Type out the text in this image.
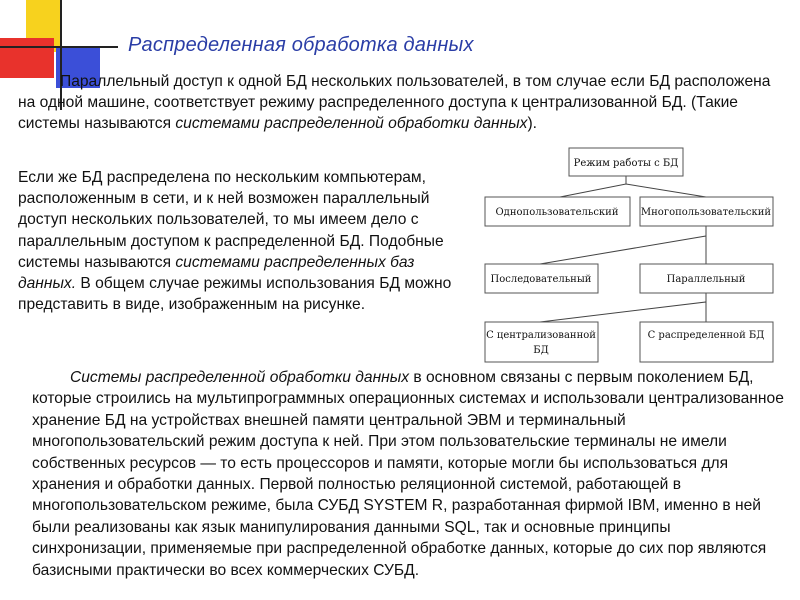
Распределенная обработка данных

Параллельный доступ к одной БД нескольких пользователей, в том случае если БД расположена на одной машине, соответствует режиму распределенного доступа к централизованной БД. (Такие системы называются системами распределенной обработки данных).

Если же БД распределена по нескольким компьютерам, расположенным в сети, и к ней возможен параллельный доступ нескольких пользователей, то мы имеем дело с параллельным доступом к распределенной БД. Подобные системы называются системами распределенных баз данных. В общем случае режимы использования БД можно представить в виде, изображенным на рисунке.

Режим работы с БД
Однопользовательский Многопользовательский
Последовательный	Параллельный
С централизованной
БД
С распределенной БД

Системы распределенной обработки данных в основном связаны с первым поколением БД, которые строились на мультипрограммных операционных системах и использовали централизованное хранение БД на устройствах внешней памяти центральной ЭВМ и терминальный многопользовательский режим доступа к ней. При этом пользовательские терминалы не имели собственных ресурсов — то есть процессоров и памяти, которые могли бы использоваться для хранения и обработки данных. Первой полностью реляционной системой, работающей в многопользовательском режиме, была СУБД SYSTEM R, разработанная фирмой IBM, именно в ней были реализованы как язык манипулирования данными SQL, так и основные принципы синхронизации, применяемые при распределенной обработке данных, которые до сих пор являются базисными практически во всех коммерческих СУБД.
